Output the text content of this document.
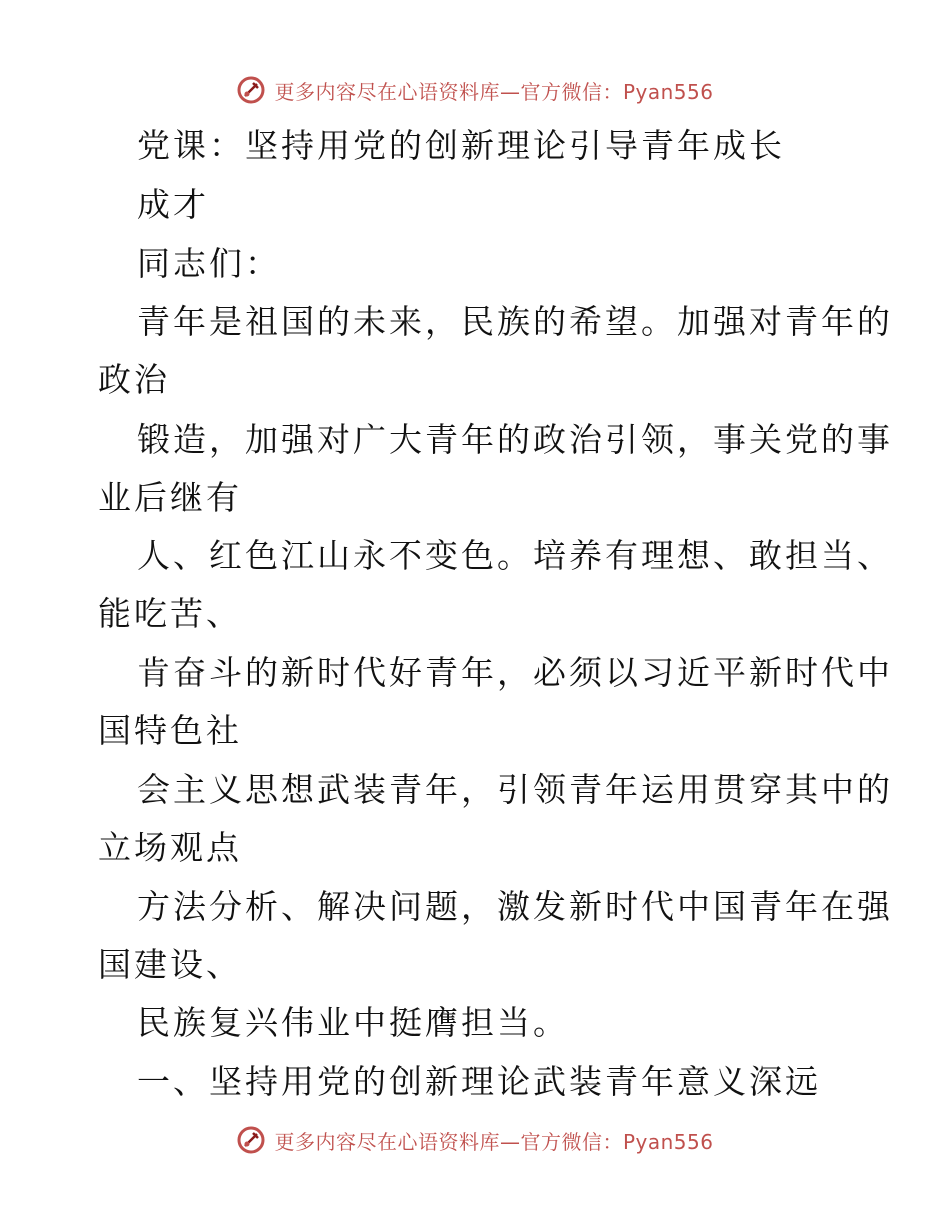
更多内容尽在心语资料库—官方微信：Pyan556
党课：坚持用党的创新理论引导青年成长
成才
同志们：
青年是祖国的未来，民族的希望。加强对青年的
政治
锻造，加强对广大青年的政治引领，事关党的事
业后继有
人、红色江山永不变色。培养有理想、敢担当、
能吃苦、
肯奋斗的新时代好青年，必须以习近平新时代中
国特色社
会主义思想武装青年，引领青年运用贯穿其中的
立场观点
方法分析、解决问题，激发新时代中国青年在强
国建设、
民族复兴伟业中挺膺担当。
一、坚持用党的创新理论武装青年意义深远
更多内容尽在心语资料库—官方微信：Pyan556
